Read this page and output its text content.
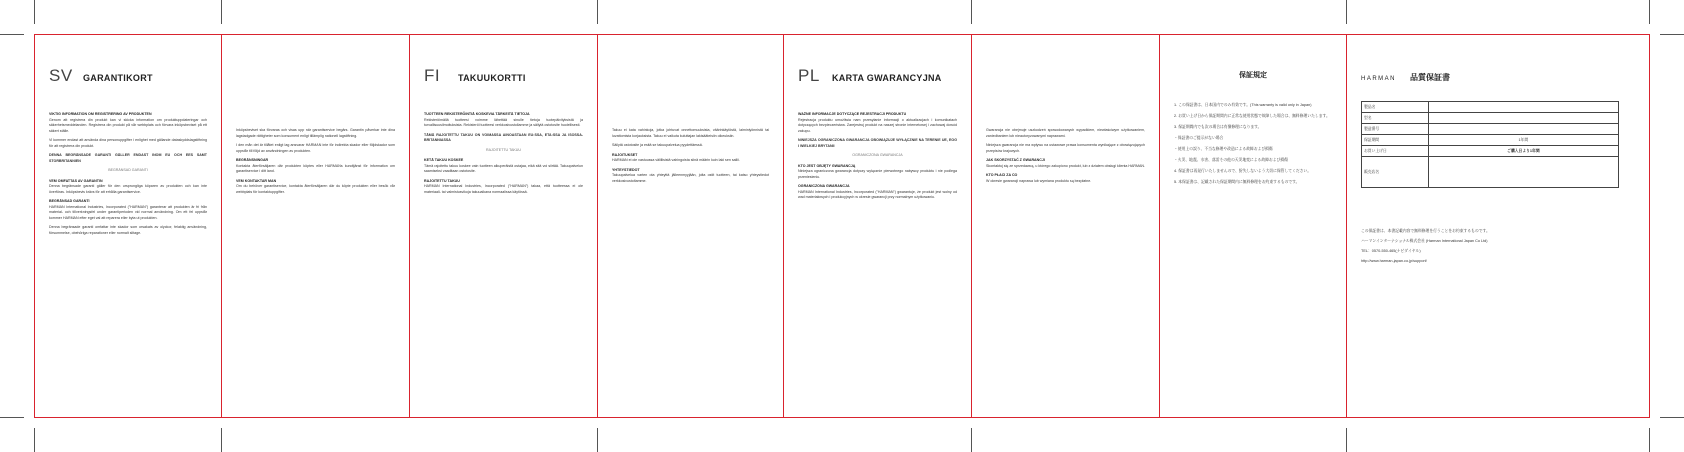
SV GARANTIKORT

VIKTIG INFORMATION OM REGISTRERING AV PRODUKTEN
Genom att registrera din produkt kan vi skicka information om produktuppdateringar och säkerhetsmeddelanden. Registrera din produkt på vår webbplats och förvara inköpsbeviset på ett säkert ställe.

Vi kommer endast att använda dina personuppgifter i enlighet med gällande dataskyddslagstiftning för att registrera din produkt.

DENNA BEGRÄNSADE GARANTI GÄLLER ENDAST INOM EU OCH EES SAMT STORBRITANNIEN

BEGRÄNSAD GARANTI

VEM OMFATTAS AV GARANTIN
Denna begränsade garanti gäller för den ursprungliga köparen av produkten och kan inte överföras. Inköpsbevis krävs för att erhålla garantiservice.

BEGRÄNSAD GARANTI
HARMAN International Industries, Incorporated ("HARMAN") garanterar att produkten är fri från material- och tillverkningsfel under garantiperioden vid normal användning. Om ett fel uppstår kommer HARMAN efter eget val att reparera eller byta ut produkten.

Denna begränsade garanti omfattar inte skador som orsakats av olyckor, felaktig användning, försummelse, obehöriga reparationer eller normalt slitage.

Inköpsbeviset ska förvaras och visas upp när garantiservice begärs. Garantin påverkar inte dina lagstadgade rättigheter som konsument enligt tillämplig nationell lagstiftning.

I den mån det är tillåtet enligt lag ansvarar HARMAN inte för indirekta skador eller följdskador som uppstår till följd av användningen av produkten.

BEGRÄNSNINGAR
Kontakta återförsäljaren där produkten köptes eller HARMANs kundtjänst för information om garantiservice i ditt land.

VEM KONTAKTAR MAN
Om du behöver garantiservice, kontakta återförsäljaren där du köpte produkten eller besök vår webbplats för kontaktuppgifter.

FI	TAKUUKORTTI

TUOTTEEN REKISTERÖINTIÄ KOSKEVIA TÄRKEITÄ TIETOJA
Rekisteröimällä tuotteesi voimme lähettää sinulle tietoja tuotepäivityksistä ja turvallisuusilmoituksista. Rekisteröi tuotteesi verkkosivustollamme ja säilytä ostotosite huolellisesti.

TÄMÄ RAJOITETTU TAKUU ON VOIMASSA AINOASTAAN EU:SSA, ETA:SSA JA ISOSSA-BRITANNIASSA

RAJOITETTU TAKUU

KETÄ TAKUU KOSKEE
Tämä rajoitettu takuu koskee vain tuotteen alkuperäistä ostajaa, eikä sitä voi siirtää. Takuupalvelun saamiseksi vaaditaan ostotosite.

RAJOITETTU TAKUU
HARMAN International Industries, Incorporated ("HARMAN") takaa, että tuotteessa ei ole materiaali- tai valmistusvikoja takuuaikana normaalissa käytössä.

Takuu ei kata vahinkoja, jotka johtuvat onnettomuuksista, väärinkäytöstä, laiminlyönnistä tai luvattomista korjauksista. Takuu ei vaikuta kuluttajan lakisääteisiin oikeuksiin.

Säilytä ostotosite ja esitä se takuupalvelua pyydettäessä.

RAJOITUKSET
HARMAN ei ole vastuussa välillisistä vahingoista siinä määrin kuin laki sen sallii.

YHTEYSTIEDOT
Takuupalvelua varten ota yhteyttä jälleenmyyjään, jolta ostit tuotteen, tai katso yhteystiedot verkkosivustoltamme.

PL KARTA GWARANCYJNA

WAŻNE INFORMACJE DOTYCZĄCE REJESTRACJI PRODUKTU
Rejestracja produktu umożliwia nam przesyłanie informacji o aktualizacjach i komunikatach dotyczących bezpieczeństwa. Zarejestruj produkt na naszej stronie internetowej i zachowaj dowód zakupu.

NINIEJSZA OGRANICZONA GWARANCJA OBOWIĄZUJE WYŁĄCZNIE NA TERENIE UE, EOG I WIELKIEJ BRYTANII

OGRANICZONA GWARANCJA

KTO JEST OBJĘTY GWARANCJĄ
Niniejsza ograniczona gwarancja dotyczy wyłącznie pierwotnego nabywcy produktu i nie podlega przeniesieniu.

OGRANICZONA GWARANCJA
HARMAN International Industries, Incorporated ("HARMAN") gwarantuje, że produkt jest wolny od wad materiałowych i produkcyjnych w okresie gwarancji przy normalnym użytkowaniu.

Gwarancja nie obejmuje uszkodzeń spowodowanych wypadkiem, niewłaściwym użytkowaniem, zaniedbaniem lub nieautoryzowanymi naprawami.

Niniejsza gwarancja nie ma wpływu na ustawowe prawa konsumenta wynikające z obowiązujących przepisów krajowych.

JAK SKORZYSTAĆ Z GWARANCJI
Skontaktuj się ze sprzedawcą, u którego zakupiono produkt, lub z działem obsługi klienta HARMAN.

KTO PŁACI ZA CO
W okresie gwarancji naprawa lub wymiana produktu są bezpłatne.

保証規定

1. この保証書は、日本国内でのみ有効です。(This warranty is valid only in Japan)

2. お買い上げ日から保証期間内に正常な使用状態で故障した場合は、無料修理いたします。

3. 保証期間内でも次の場合は有償修理になります。

・保証書のご提示がない場合

・使用上の誤り、不当な修理や改造による故障および損傷

・火災、地震、水害、落雷その他の天災地変による故障および損傷

4. 保証書は再発行いたしませんので、紛失しないよう大切に保管してください。

5. 本保証書は、記載された保証期間内に無料修理をお約束するものです。

HARMAN 品質保証書
製品名	
型名	
製造番号	
保証期間	1年間
お買い上げ日	ご購入日より1年間
販売店名	

この保証書は、本書記載内容で無料修理を行うことをお約束するものです。

ハーマンインターナショナル株式会社 (Harman International Japan Co Ltd)

TEL：0570-550-465(ナビダイヤル)

http://www.harman-japan.co.jp/support/
